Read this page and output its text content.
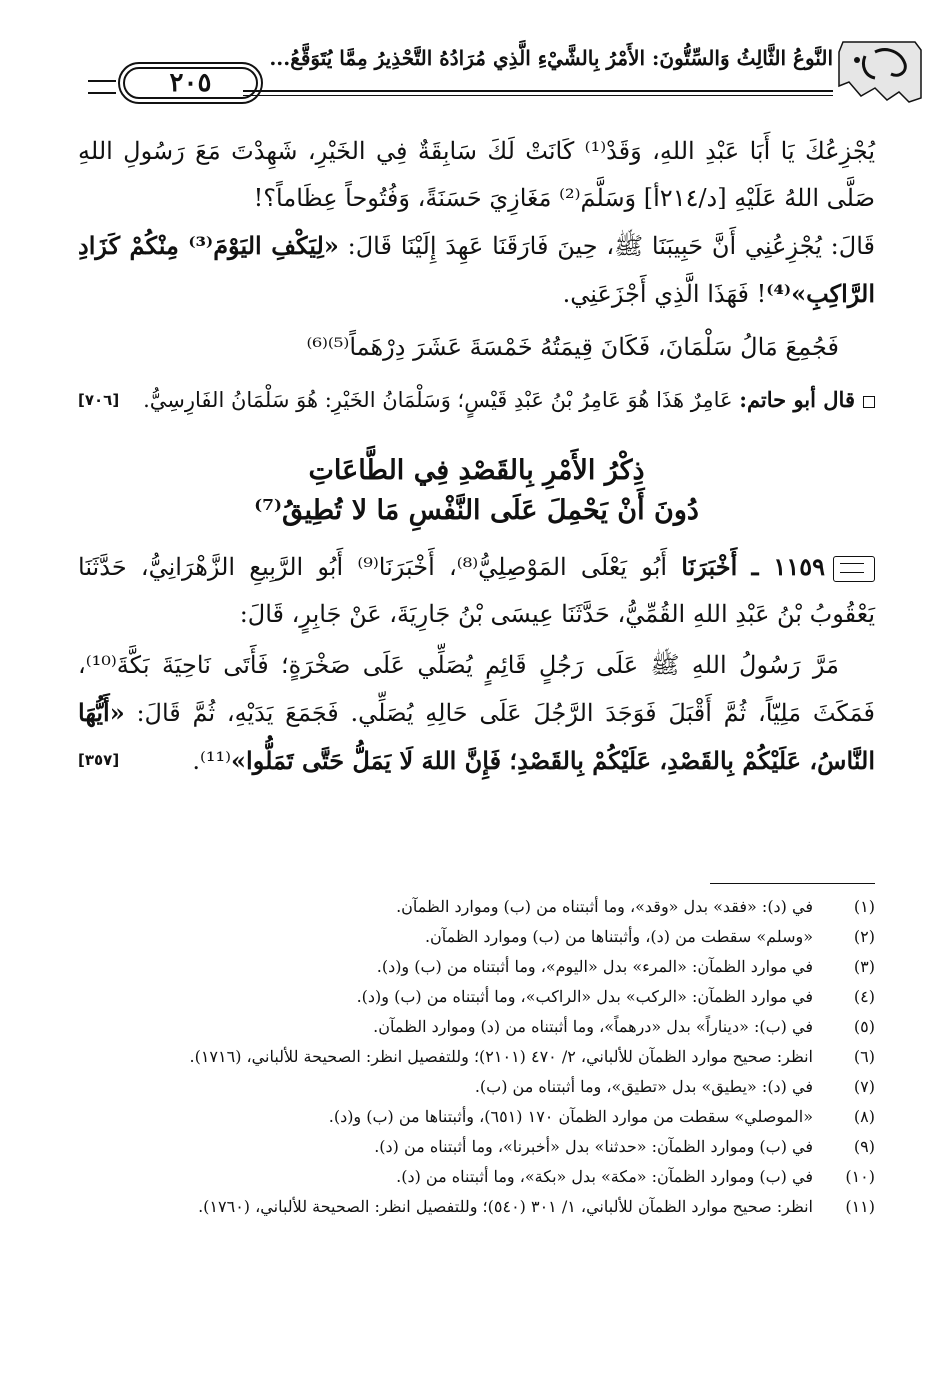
النَّوعُ الثَّالِثُ وَالسِّتُّونَ: الأَمْرُ بِالشَّيْءِ الَّذِي مُرَادُهُ التَّحْذِيرُ مِمَّا يُتَوَقَّعُ...
٢٠٥

يُجْزِعُكَ يَا أَبَا عَبْدِ اللهِ، وَقَدْ⁽¹⁾ كَانَتْ لَكَ سَابِقَةٌ فِي الخَيْرِ، شَهِدْتَ مَعَ رَسُولِ اللهِ صَلَّى اللهُ عَلَيْهِ [د/٢١٤أ] وَسَلَّمَ⁽²⁾ مَغَازِيَ حَسَنَةً، وَفُتُوحاً عِظَاماً؟!

قَالَ: يُجْزِعُنِي أَنَّ حَبِيبَنَا ﷺ، حِينَ فَارَقَنَا عَهِدَ إِلَيْنَا قَالَ: «لِيَكْفِ اليَوْمَ⁽³⁾ مِنْكُمْ كَزَادِ الرَّاكِبِ»⁽⁴⁾! فَهَذَا الَّذِي أَجْزَعَنِي.

فَجُمِعَ مَالُ سَلْمَانَ، فَكَانَ قِيمَتُهُ خَمْسَةَ عَشَرَ دِرْهَماً⁽⁵⁾⁽⁶⁾

قال أبو حاتم: عَامِرٌ هَذَا هُوَ عَامِرُ بْنُ عَبْدِ قَيْسٍ؛ وَسَلْمَانُ الخَيْرِ: هُوَ سَلْمَانُ الفَارِسِيُّ.
[٧٠٦]

ذِكْرُ الأَمْرِ بِالقَصْدِ فِي الطَّاعَاتِ

دُونَ أَنْ يَحْمِلَ عَلَى النَّفْسِ مَا لا تُطِيقُ⁽⁷⁾

١١٥٩ ـ أَخْبَرَنَا أَبُو يَعْلَى المَوْصِلِيُّ⁽⁸⁾، أَخْبَرَنَا⁽⁹⁾ أَبُو الرَّبِيعِ الزَّهْرَانِيُّ، حَدَّثَنَا يَعْقُوبُ بْنُ عَبْدِ اللهِ القُمِّيُّ، حَدَّثَنَا عِيسَى بْنُ جَارِيَةَ، عَنْ جَابِرٍ، قَالَ:

مَرَّ رَسُولُ اللهِ ﷺ عَلَى رَجُلٍ قَائِمٍ يُصَلِّي عَلَى صَخْرَةٍ؛ فَأَتَى نَاحِيَةَ بَكَّةَ⁽¹⁰⁾، فَمَكَثَ مَلِيّاً، ثُمَّ أَقْبَلَ فَوَجَدَ الرَّجُلَ عَلَى حَالِهِ يُصَلِّي. فَجَمَعَ يَدَيْهِ، ثُمَّ قَالَ: «أَيُّهَا النَّاسُ، عَلَيْكُمْ بِالقَصْدِ، عَلَيْكُمْ بِالقَصْدِ؛ فَإِنَّ اللهَ لَا يَمَلُّ حَتَّى تَمَلُّوا»⁽¹¹⁾.
[٣٥٧]

(١)
في (د): «فقد» بدل «وقد»، وما أثبتناه من (ب) وموارد الظمآن.
(٢)
«وسلم» سقطت من (د)، وأثبتناها من (ب) وموارد الظمآن.
(٣)
في موارد الظمآن: «المرء» بدل «اليوم»، وما أثبتناه من (ب) و(د).
(٤)
في موارد الظمآن: «الركب» بدل «الراكب»، وما أثبتناه من (ب) و(د).
(٥)
في (ب): «ديناراً» بدل «درهماً»، وما أثبتناه من (د) وموارد الظمآن.
(٦)
انظر: صحيح موارد الظمآن للألباني، ٢/ ٤٧٠ (٢١٠١)؛ وللتفصيل انظر: الصحيحة للألباني، (١٧١٦).
(٧)
في (د): «يطيق» بدل «تطيق»، وما أثبتناه من (ب).
(٨)
«الموصلي» سقطت من موارد الظمآن ١٧٠ (٦٥١)، وأثبتناها من (ب) و(د).
(٩)
في (ب) وموارد الظمآن: «حدثنا» بدل «أخبرنا»، وما أثبتناه من (د).
(١٠)
في (ب) وموارد الظمآن: «مكة» بدل «بكة»، وما أثبتناه من (د).
(١١)
انظر: صحيح موارد الظمآن للألباني، ١/ ٣٠١ (٥٤٠)؛ وللتفصيل انظر: الصحيحة للألباني، (١٧٦٠).
